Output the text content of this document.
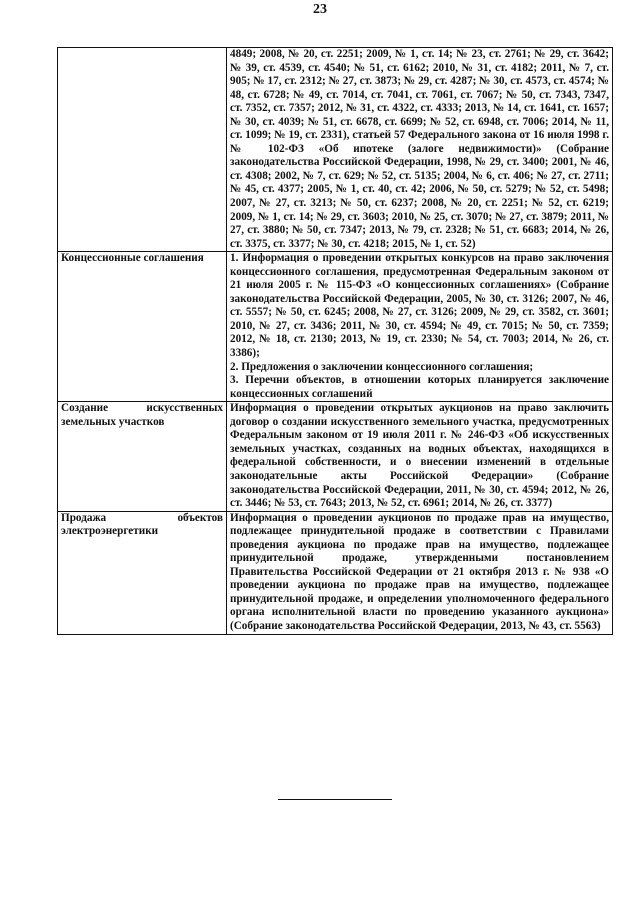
23

	4849; 2008, № 20, ст. 2251; 2009, № 1, ст. 14; № 23, ст. 2761; № 29, ст. 3642; № 39, ст. 4539, ст. 4540; № 51, ст. 6162; 2010, № 31, ст. 4182; 2011, № 7, ст. 905; № 17, ст. 2312; № 27, ст. 3873; № 29, ст. 4287; № 30, ст. 4573, ст. 4574; № 48, ст. 6728; № 49, ст. 7014, ст. 7041, ст. 7061, ст. 7067; № 50, ст. 7343, 7347, ст. 7352, ст. 7357; 2012, № 31, ст. 4322, ст. 4333; 2013, № 14, ст. 1641, ст. 1657; № 30, ст. 4039; № 51, ст. 6678, ст. 6699; № 52, ст. 6948, ст. 7006; 2014, № 11, ст. 1099; № 19, ст. 2331), статьей 57 Федерального закона от 16 июля 1998 г. № 102-ФЗ «Об ипотеке (залоге недвижимости)» (Собрание законодательства Российской Федерации, 1998, № 29, ст. 3400; 2001, № 46, ст. 4308; 2002, № 7, ст. 629; № 52, ст. 5135; 2004, № 6, ст. 406; № 27, ст. 2711; № 45, ст. 4377; 2005, № 1, ст. 40, ст. 42; 2006, № 50, ст. 5279; № 52, ст. 5498; 2007, № 27, ст. 3213; № 50, ст. 6237; 2008, № 20, ст. 2251; № 52, ст. 6219; 2009, № 1, ст. 14; № 29, ст. 3603; 2010, № 25, ст. 3070; № 27, ст. 3879; 2011, № 27, ст. 3880; № 50, ст. 7347; 2013, № 79, ст. 2328; № 51, ст. 6683; 2014, № 26, ст. 3375, ст. 3377; № 30, ст. 4218; 2015, № 1, ст. 52)

Концессионные соглашения	1. Информация о проведении открытых конкурсов на право заключения концессионного соглашения, предусмотренная Федеральным законом от 21 июля 2005 г. № 115-ФЗ «О концессионных соглашениях» (Собрание законодательства Российской Федерации, 2005, № 30, ст. 3126; 2007, № 46, ст. 5557; № 50, ст. 6245; 2008, № 27, ст. 3126; 2009, № 29, ст. 3582, ст. 3601; 2010, № 27, ст. 3436; 2011, № 30, ст. 4594; № 49, ст. 7015; № 50, ст. 7359; 2012, № 18, ст. 2130; 2013, № 19, ст. 2330; № 54, ст. 7003; 2014, № 26, ст. 3386);

2. Предложения о заключении концессионного соглашения;

3. Перечни объектов, в отношении которых планируется заключение концессионных соглашений

Создание искусственных земельных участков	Информация о проведении открытых аукционов на право заключить договор о создании искусственного земельного участка, предусмотренных Федеральным законом от 19 июля 2011 г. № 246-ФЗ «Об искусственных земельных участках, созданных на водных объектах, находящихся в федеральной собственности, и о внесении изменений в отдельные законодательные акты Российской Федерации» (Собрание законодательства Российской Федерации, 2011, № 30, ст. 4594; 2012, № 26, ст. 3446; № 53, ст. 7643; 2013, № 52, ст. 6961; 2014, № 26, ст. 3377)

Продажа объектов электроэнергетики	Информация о проведении аукционов по продаже прав на имущество, подлежащее принудительной продаже в соответствии с Правилами проведения аукциона по продаже прав на имущество, подлежащее принудительной продаже, утвержденными постановлением Правительства Российской Федерации от 21 октября 2013 г. № 938 «О проведении аукциона по продаже прав на имущество, подлежащее принудительной продаже, и определении уполномоченного федерального органа исполнительной власти по проведению указанного аукциона» (Собрание законодательства Российской Федерации, 2013, № 43, ст. 5563)
